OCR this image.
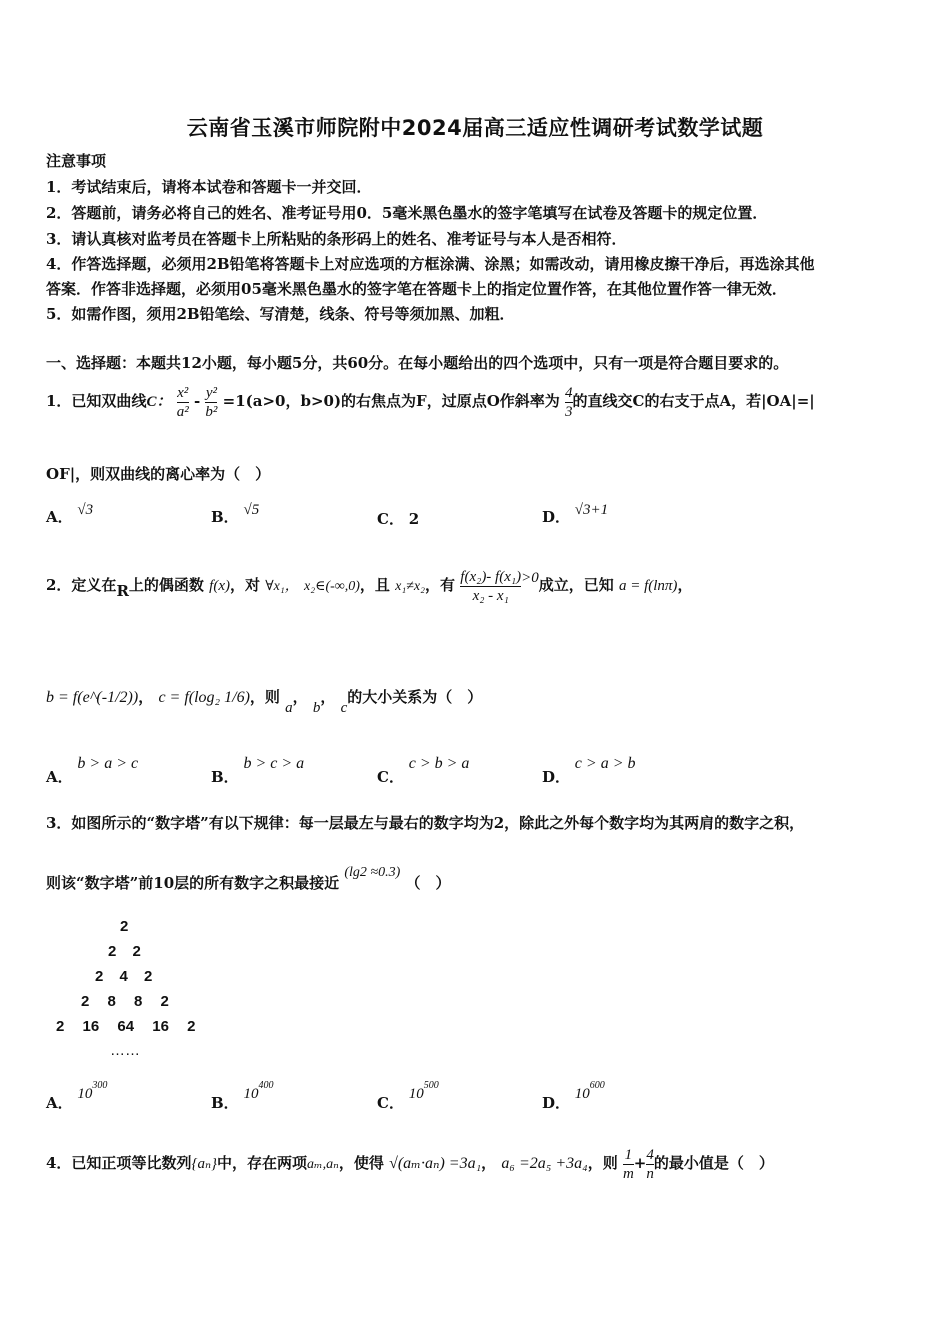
云南省玉溪市师院附中2024届高三适应性调研考试数学试题
注意事项
1．考试结束后，请将本试卷和答题卡一并交回．
2．答题前，请务必将自己的姓名、准考证号用0．5毫米黑色墨水的签字笔填写在试卷及答题卡的规定位置．
3．请认真核对监考员在答题卡上所粘贴的条形码上的姓名、准考证号与本人是否相符．
4．作答选择题，必须用2B铅笔将答题卡上对应选项的方框涂满、涂黑；如需改动，请用橡皮擦干净后，再选涂其他
答案．作答非选择题，必须用05毫米黑色墨水的签字笔在答题卡上的指定位置作答，在其他位置作答一律无效．
5．如需作图，须用2B铅笔绘、写清楚，线条、符号等须加黑、加粗．
一、选择题：本题共12小题，每小题5分，共60分。在每小题给出的四个选项中，只有一项是符合题目要求的。
1．已知双曲线C： $\frac{\text{x²}}{\text{a²}} - \frac{\text{y²}}{\text{b²}} =1(a>0$，b>0)的右焦点为F，过原点O作斜率为 $\frac{4}{3}$ 的直线交C的右支于点A，若|OA|=|
OF|，则双曲线的离心率为（　）
A． √3	B． √5	C． 2	D． √3+1
2．定义在R上的偶函数 f(x)，对 ∀x₁， x₂∈(-∞,0)，且 x₁≠x₂，有 $\frac{\text{f(x₂)- f(x₁)}}{\text{x₂ - x₁}} >0$成立，已知 a = f(lnπ)，
b = f(e^(-1/2))， c = f(log₂ 1/6)，则 a， b， c的大小关系为（　）
A． b > a > c
B． b > c > a
C． c > b > a
D． c > a > b
3．如图所示的“数字塔”有以下规律：每一层最左与最右的数字均为2，除此之外每个数字均为其两肩的数字之积，
则该“数字塔”前10层的所有数字之积最接近 (lg2 ≈0.3) （　）
2
2 2
2 4 2
2 8 8 2
2 16 64 16 2
……
A． $10^{300}$
B． $10^{400}$
C． $10^{500}$
D． $10^{600}$
4．已知正项等比数列{aₙ}中，存在两项aₘ,aₙ，使得 √(aₘ·aₙ) =3a₁， a₆ =2a₅ +3a₄，则 $\frac{1}{m} + \frac{4}{n}$ 的最小值是（　）
